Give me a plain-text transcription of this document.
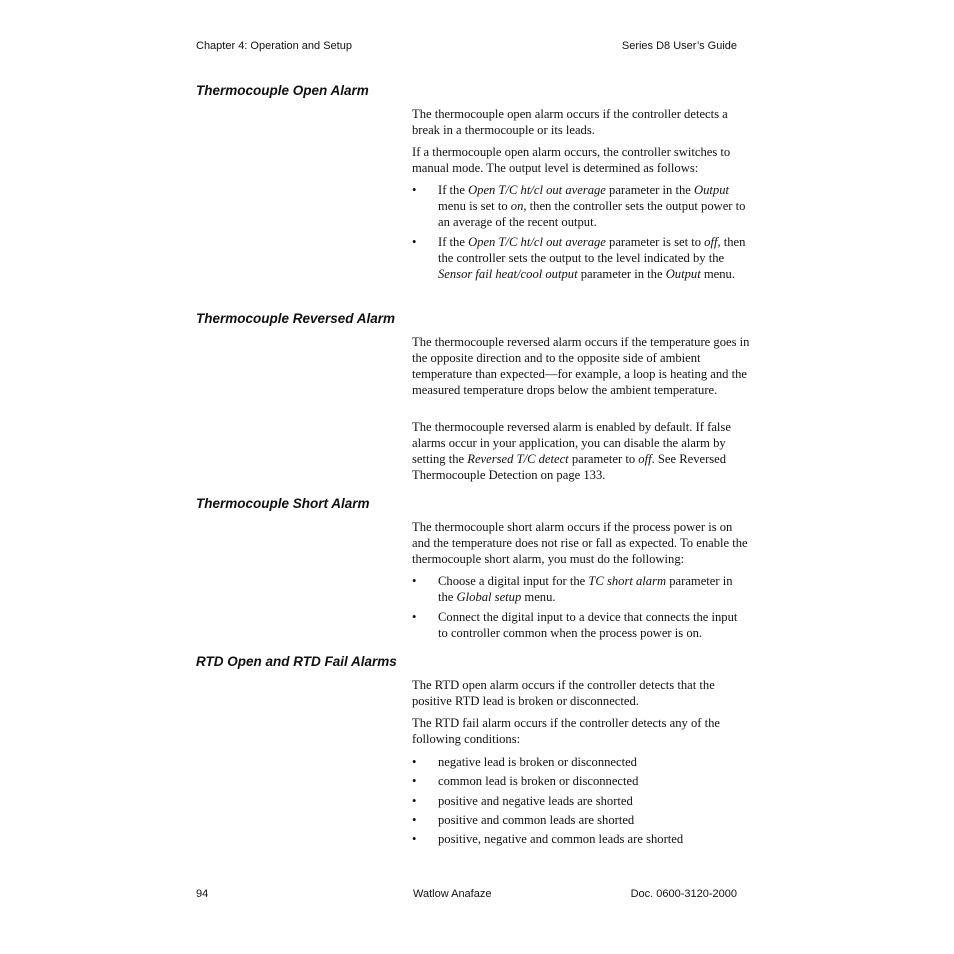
Chapter 4: Operation and Setup	Series D8 User’s Guide
Thermocouple Open Alarm

The thermocouple open alarm occurs if the controller detects a break in a thermocouple or its leads.

If a thermocouple open alarm occurs, the controller switches to manual mode. The output level is determined as follows:

• If the Open T/C ht/cl out average parameter in the Output menu is set to on, then the controller sets the output power to an average of the recent output.
• If the Open T/C ht/cl out average parameter is set to off, then the controller sets the output to the level indicated by the Sensor fail heat/cool output parameter in the Output menu.
Thermocouple Reversed Alarm

The thermocouple reversed alarm occurs if the temperature goes in the opposite direction and to the opposite side of ambient temperature than expected—for example, a loop is heating and the measured temperature drops below the ambient temperature.

The thermocouple reversed alarm is enabled by default. If false alarms occur in your application, you can disable the alarm by setting the Reversed T/C detect parameter to off. See Reversed Thermocouple Detection on page 133.

Thermocouple Short Alarm

The thermocouple short alarm occurs if the process power is on and the temperature does not rise or fall as expected. To enable the thermocouple short alarm, you must do the following:

• Choose a digital input for the TC short alarm parameter in the Global setup menu.
• Connect the digital input to a device that connects the input to controller common when the process power is on.
RTD Open and RTD Fail Alarms

The RTD open alarm occurs if the controller detects that the positive RTD lead is broken or disconnected.

The RTD fail alarm occurs if the controller detects any of the following conditions:

• negative lead is broken or disconnected
• common lead is broken or disconnected
• positive and negative leads are shorted
• positive and common leads are shorted
• positive, negative and common leads are shorted
94	Watlow Anafaze	Doc. 0600-3120-2000
